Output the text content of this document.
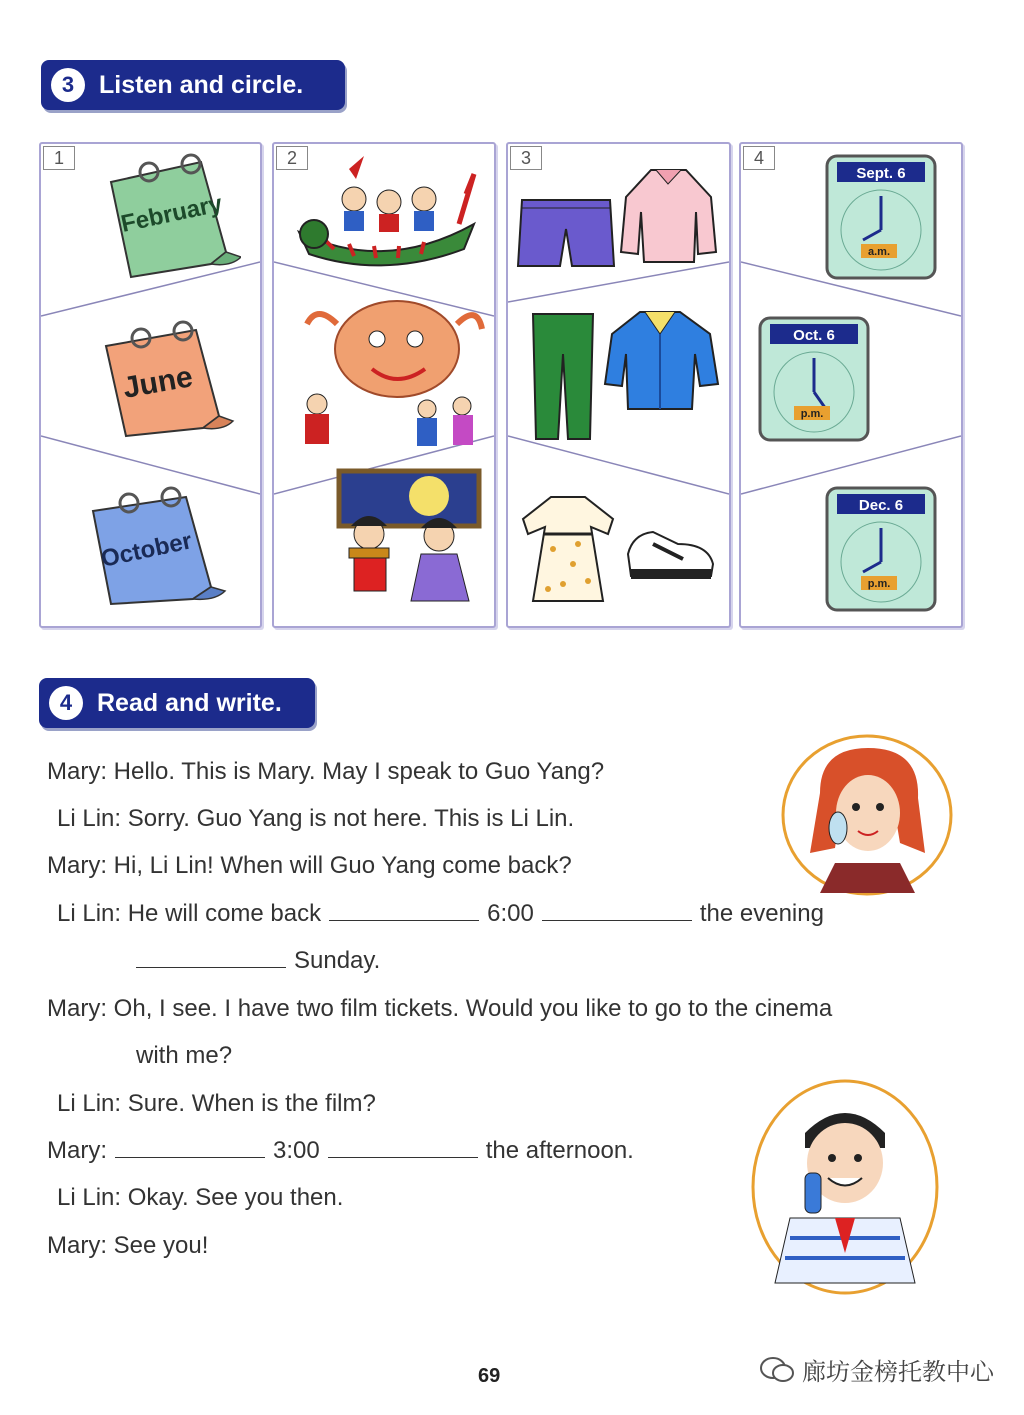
3 Listen and circle.
1
February
June
October
2	3	4
Sept. 6
a.m.
Oct. 6
p.m.
Dec. 6
p.m.
4 Read and write.
Mary: Hello. This is Mary. May I speak to Guo Yang?
Li Lin: Sorry. Guo Yang is not here. This is Li Lin.
Mary: Hi, Li Lin! When will Guo Yang come back?
Li Lin: He will come back	6:00	the evening
Sunday.
Mary: Oh, I see. I have two film tickets. Would you like to go to the cinema
with me?
Li Lin: Sure. When is the film?
Mary:	3:00	the afternoon.
Li Lin: Okay. See you then.
Mary: See you!
69	廊坊金榜托教中心
